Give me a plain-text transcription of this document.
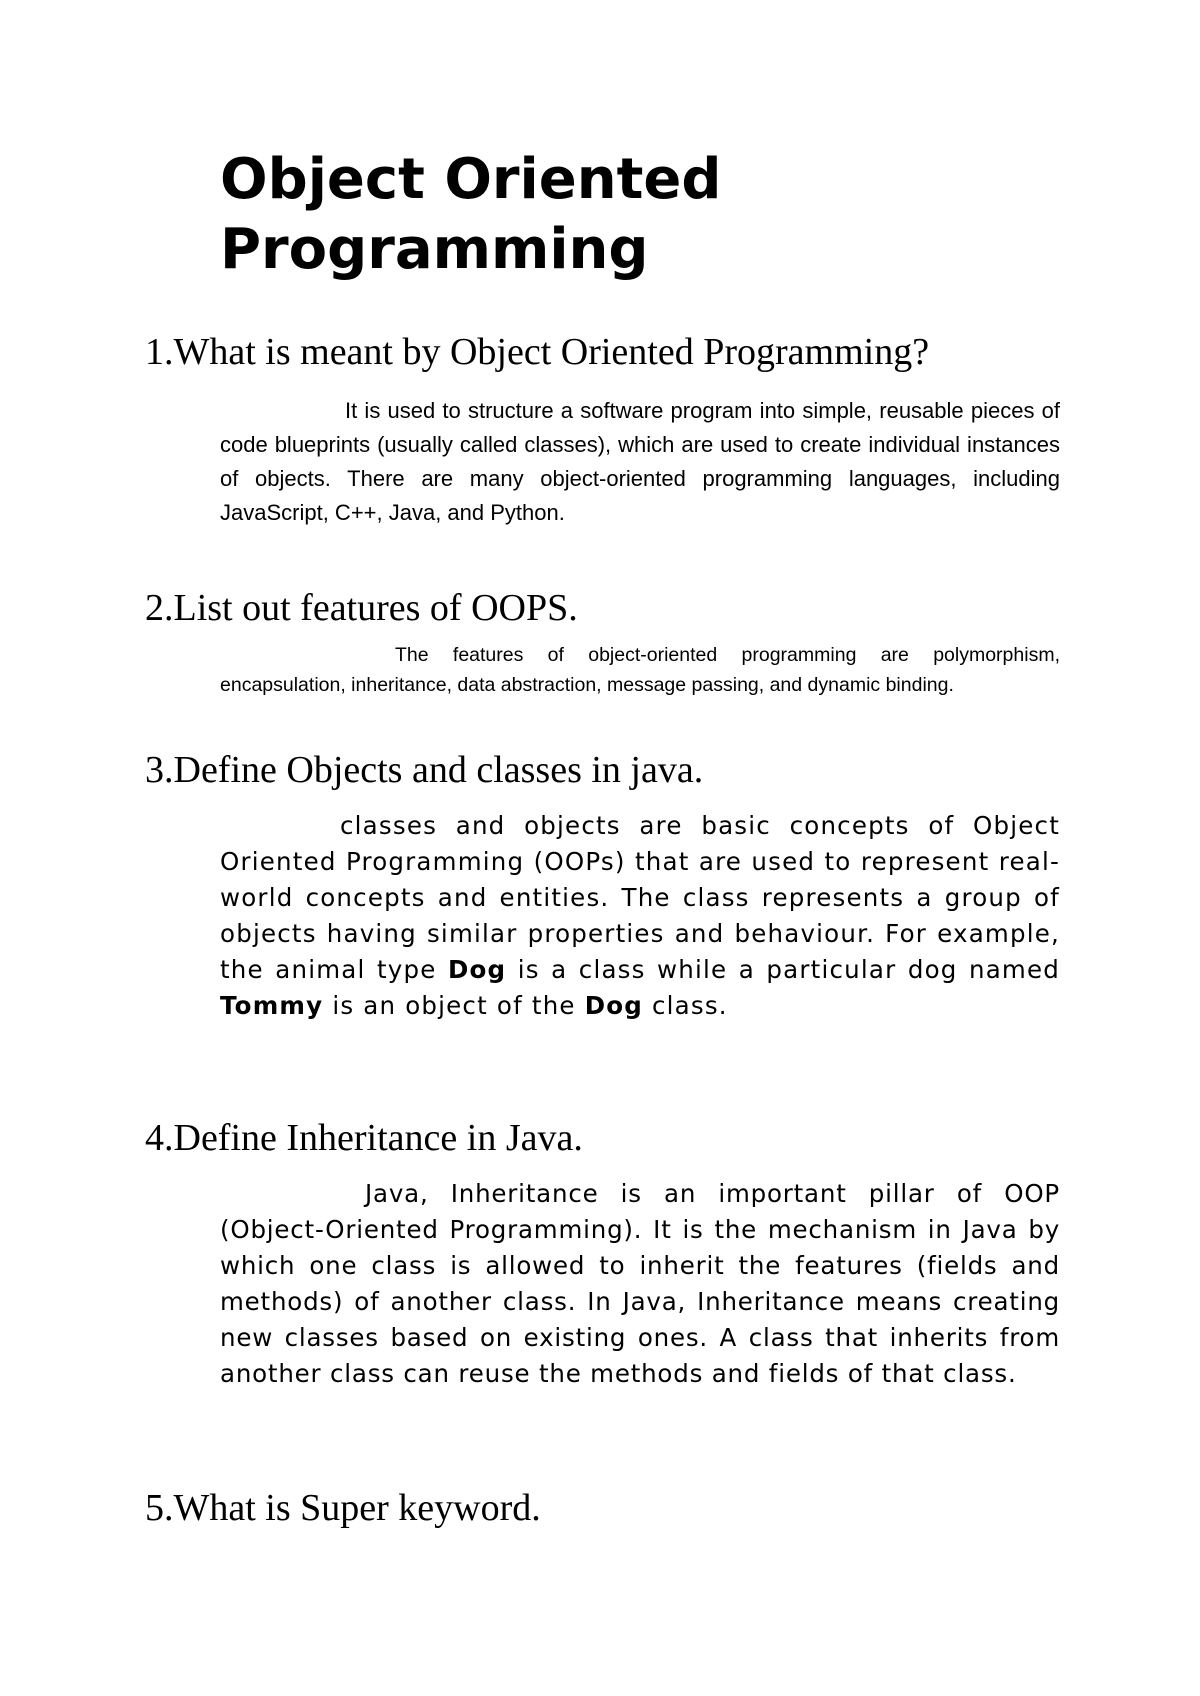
Object Oriented
Programming
1.What is meant by Object Oriented Programming?

It is used to structure a software program into simple, reusable pieces of code blueprints (usually called classes), which are used to create individual instances of objects. There are many object-oriented programming languages, including JavaScript, C++, Java, and Python.

2.List out features of OOPS.

The features of object-oriented programming are polymorphism, encapsulation, inheritance, data abstraction, message passing, and dynamic binding.

3.Define Objects and classes in java.

classes and objects are basic concepts of Object Oriented Programming (OOPs) that are used to represent real-world concepts and entities. The class represents a group of objects having similar properties and behaviour. For example, the animal type Dog is a class while a particular dog named Tommy is an object of the Dog class.

4.Define Inheritance in Java.

Java, Inheritance is an important pillar of OOP (Object-Oriented Programming). It is the mechanism in Java by which one class is allowed to inherit the features (fields and methods) of another class. In Java, Inheritance means creating new classes based on existing ones. A class that inherits from another class can reuse the methods and fields of that class.

5.What is Super keyword.
